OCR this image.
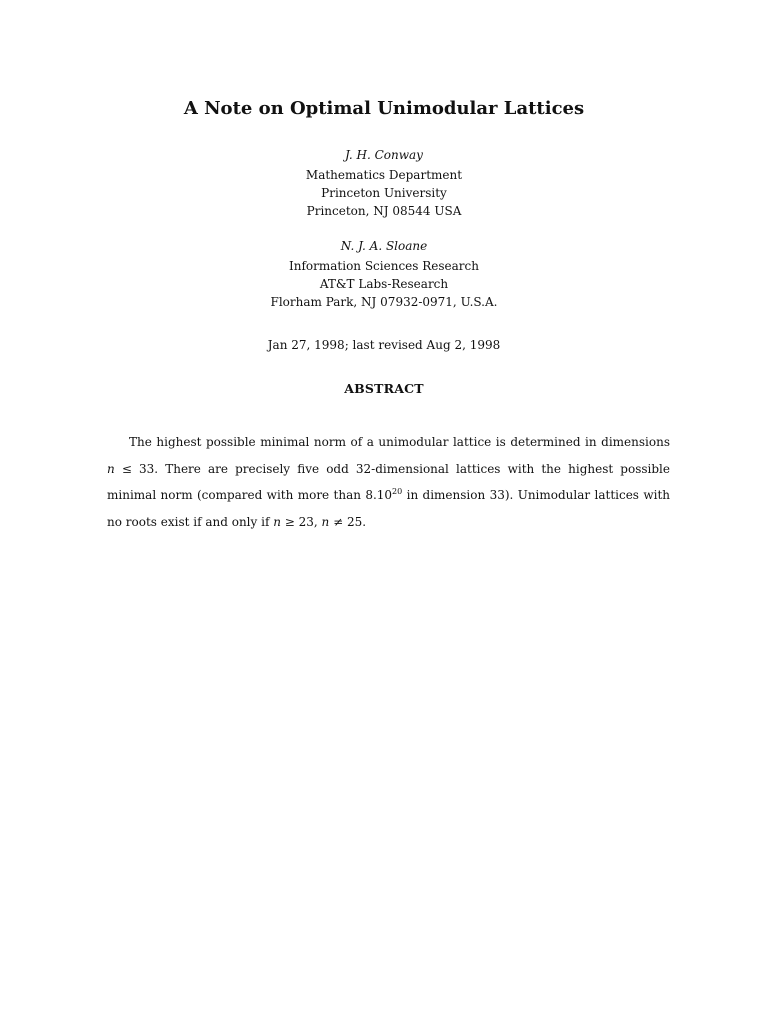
A Note on Optimal Unimodular Lattices
J. H. Conway
Mathematics Department
Princeton University
Princeton, NJ 08544 USA
N. J. A. Sloane
Information Sciences Research
AT&T Labs-Research
Florham Park, NJ 07932-0971, U.S.A.
Jan 27, 1998; last revised Aug 2, 1998
ABSTRACT

The highest possible minimal norm of a unimodular lattice is determined in dimensions n ≤ 33. There are precisely five odd 32-dimensional lattices with the highest possible minimal norm (compared with more than 8.10$^{20}$ in dimension 33). Unimodular lattices with no roots exist if and only if n ≥ 23, n ≠ 25.
